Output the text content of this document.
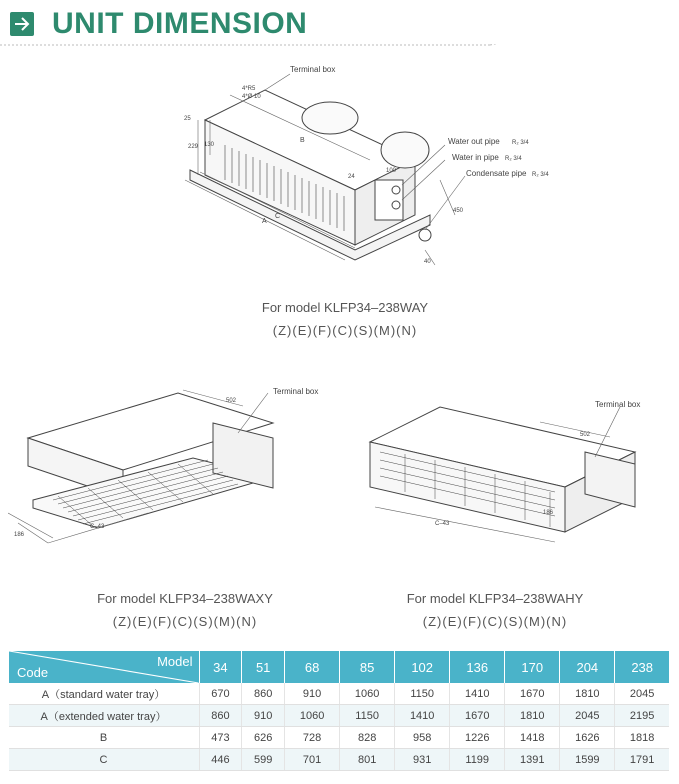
UNIT DIMENSION
Terminal box
4*R5
4*Ø 10
Water out pipe R₂ 3/4
Water in pipe R₂ 3/4
Condensate pipe R₂ 3/4
B
C
A
25
229 130
24
100
450
40
For model KLFP34–238WAY
(Z)(E)(F)(C)(S)(M)(N)
Terminal box
502
C–43
186
For model KLFP34–238WAXY
(Z)(E)(F)(C)(S)(M)(N)
Terminal box
502
C–43
186
For model KLFP34–238WAHY
(Z)(E)(F)(C)(S)(M)(N)
Model
Code	34	51	68	85	102	136	170	204	238
A（standard water tray）	670	860	910	1060	1150	1410	1670	1810	2045
A（extended water tray）	860	910	1060	1150	1410	1670	1810	2045	2195
B	473	626	728	828	958	1226	1418	1626	1818
C	446	599	701	801	931	1199	1391	1599	1791
